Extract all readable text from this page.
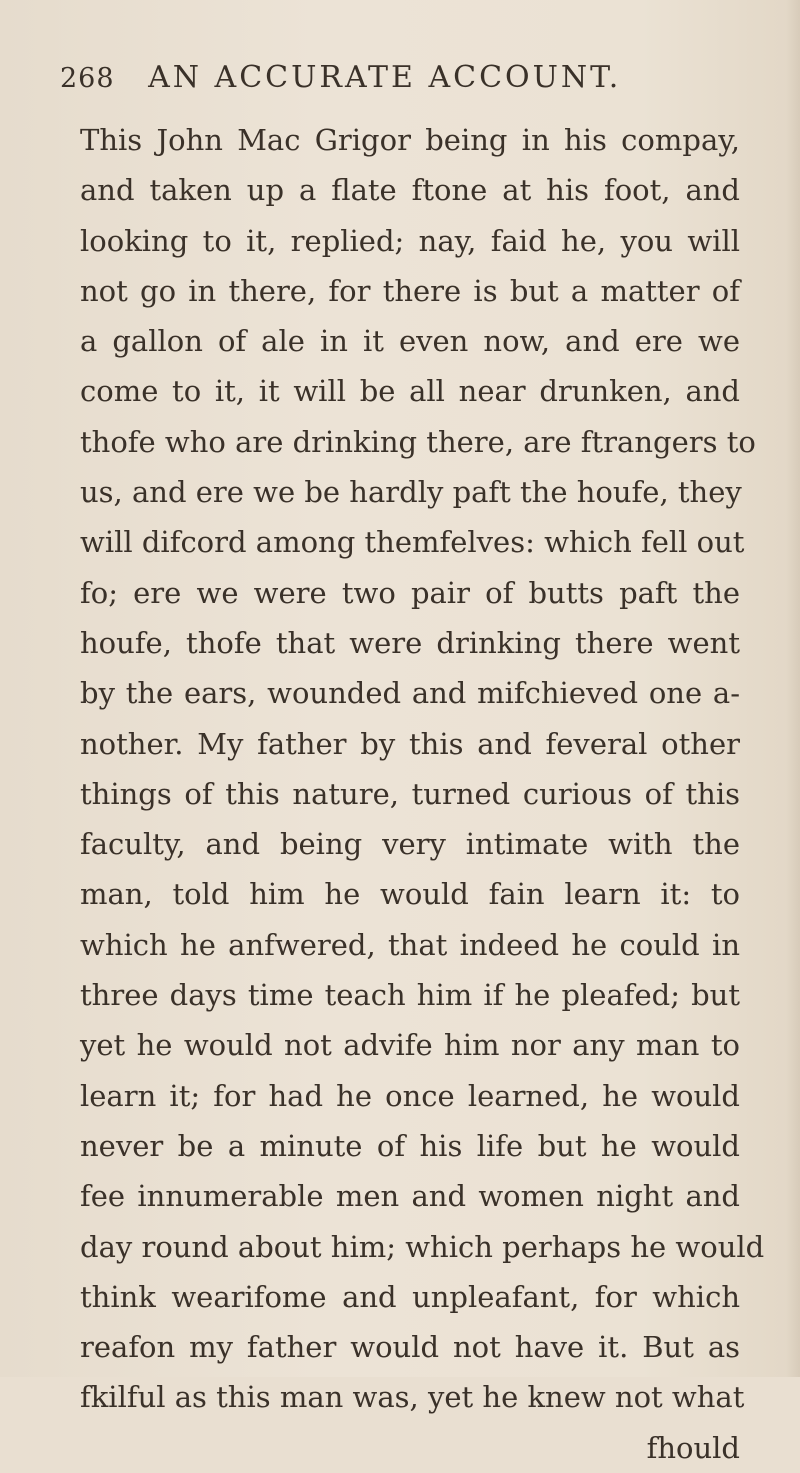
268 AN ACCURATE ACCOUNT.
This John Mac Grigor being in his compay,
and taken up a flate ftone at his foot, and
looking to it, replied; nay, faid he, you will
not go in there, for there is but a matter of
a gallon of ale in it even now, and ere we
come to it, it will be all near drunken, and
thofe who are drinking there, are ftrangers to
us, and ere we be hardly paft the houfe, they
will difcord among themfelves: which fell out
fo; ere we were two pair of butts paft the
houfe, thofe that were drinking there went
by the ears, wounded and mifchieved one a-
nother. My father by this and feveral other
things of this nature, turned curious of this
faculty, and being very intimate with the
man, told him he would fain learn it: to
which he anfwered, that indeed he could in
three days time teach him if he pleafed; but
yet he would not advife him nor any man to
learn it; for had he once learned, he would
never be a minute of his life but he would
fee innumerable men and women night and
day round about him; which perhaps he would
think wearifome and unpleafant, for which
reafon my father would not have it. But as
fkilful as this man was, yet he knew not what
fhould
